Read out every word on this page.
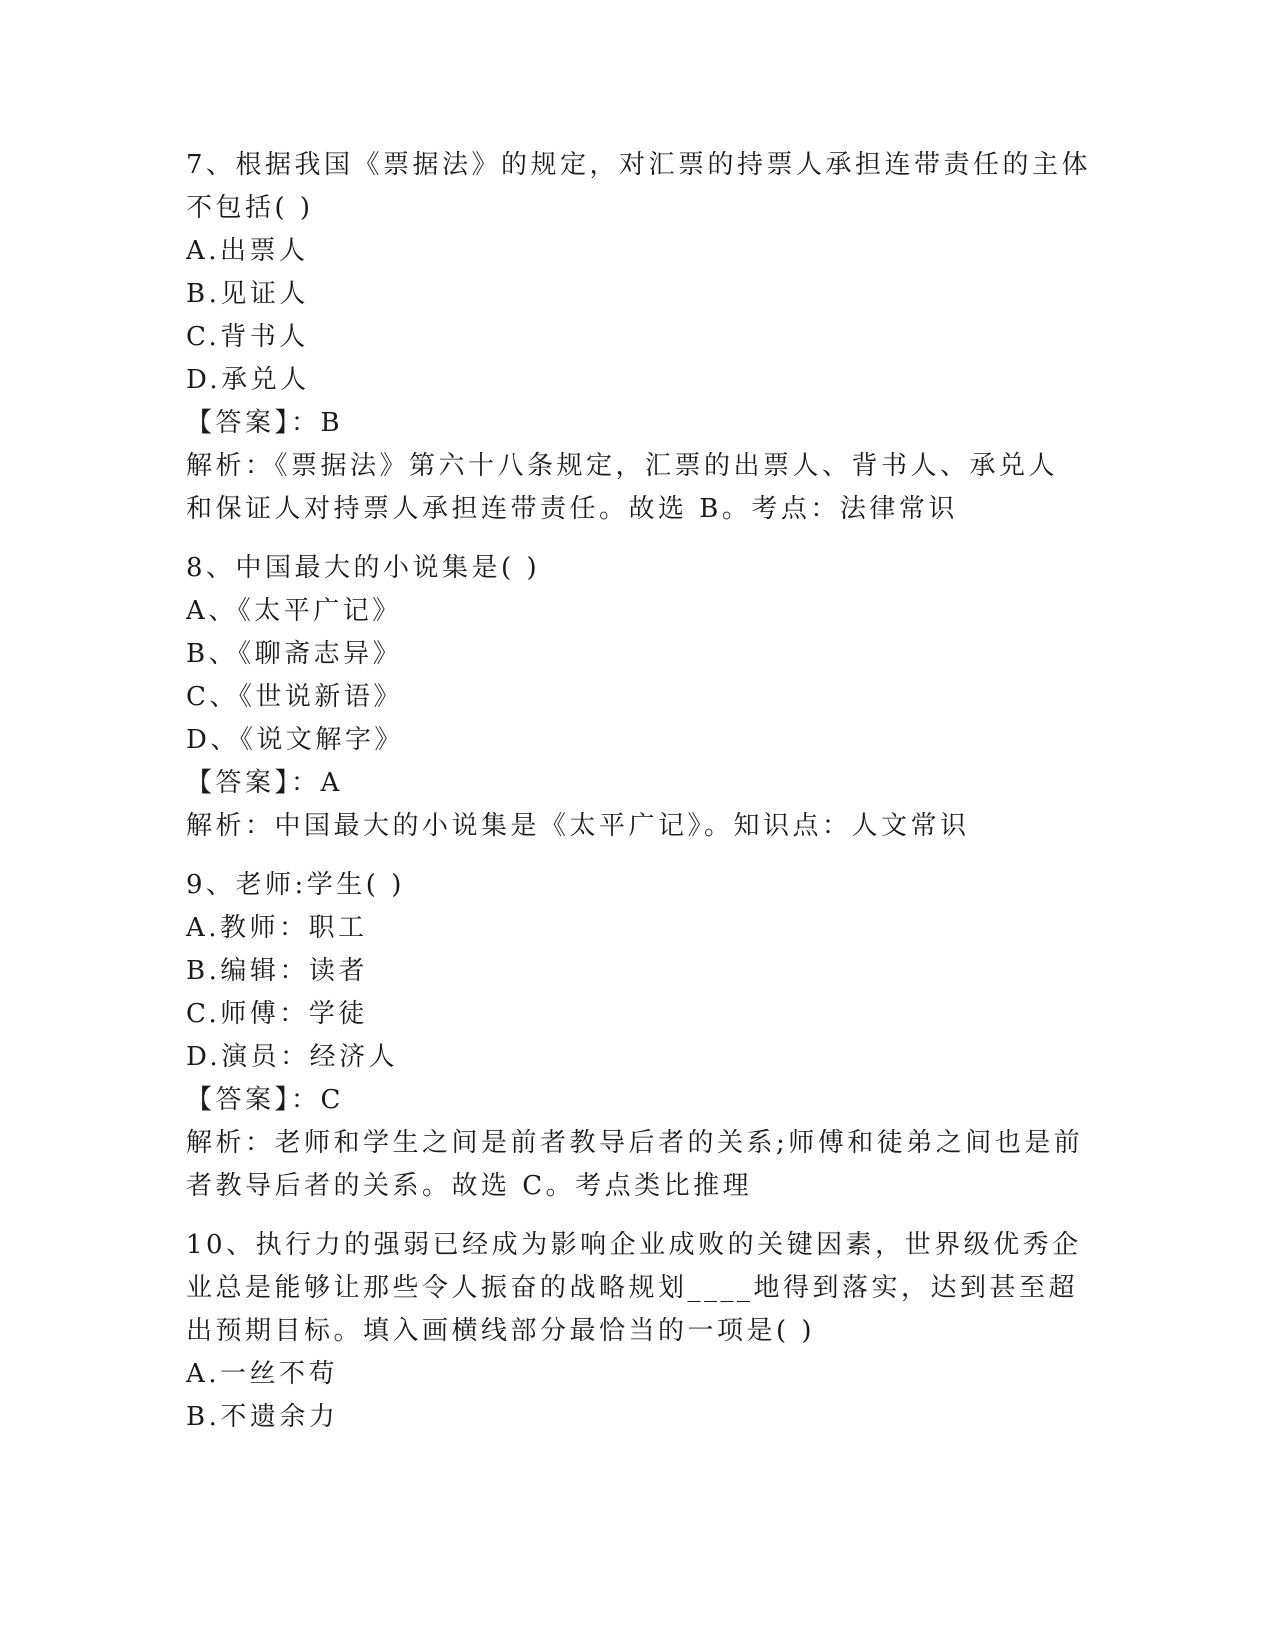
7、根据我国《票据法》的规定，对汇票的持票人承担连带责任的主体
不包括( )
A.出票人
B.见证人
C.背书人
D.承兑人
【答案】：B
解析：《票据法》第六十八条规定，汇票的出票人、背书人、承兑人
和保证人对持票人承担连带责任。故选 B。考点：法律常识
8、中国最大的小说集是( )
A、《太平广记》
B、《聊斋志异》
C、《世说新语》
D、《说文解字》
【答案】：A
解析：中国最大的小说集是《太平广记》。知识点：人文常识
9、老师:学生( )
A.教师：职工
B.编辑：读者
C.师傅：学徒
D.演员：经济人
【答案】：C
解析：老师和学生之间是前者教导后者的关系;师傅和徒弟之间也是前
者教导后者的关系。故选 C。考点类比推理
10、执行力的强弱已经成为影响企业成败的关键因素，世界级优秀企
业总是能够让那些令人振奋的战略规划____地得到落实，达到甚至超
出预期目标。填入画横线部分最恰当的一项是( )
A.一丝不苟
B.不遗余力
